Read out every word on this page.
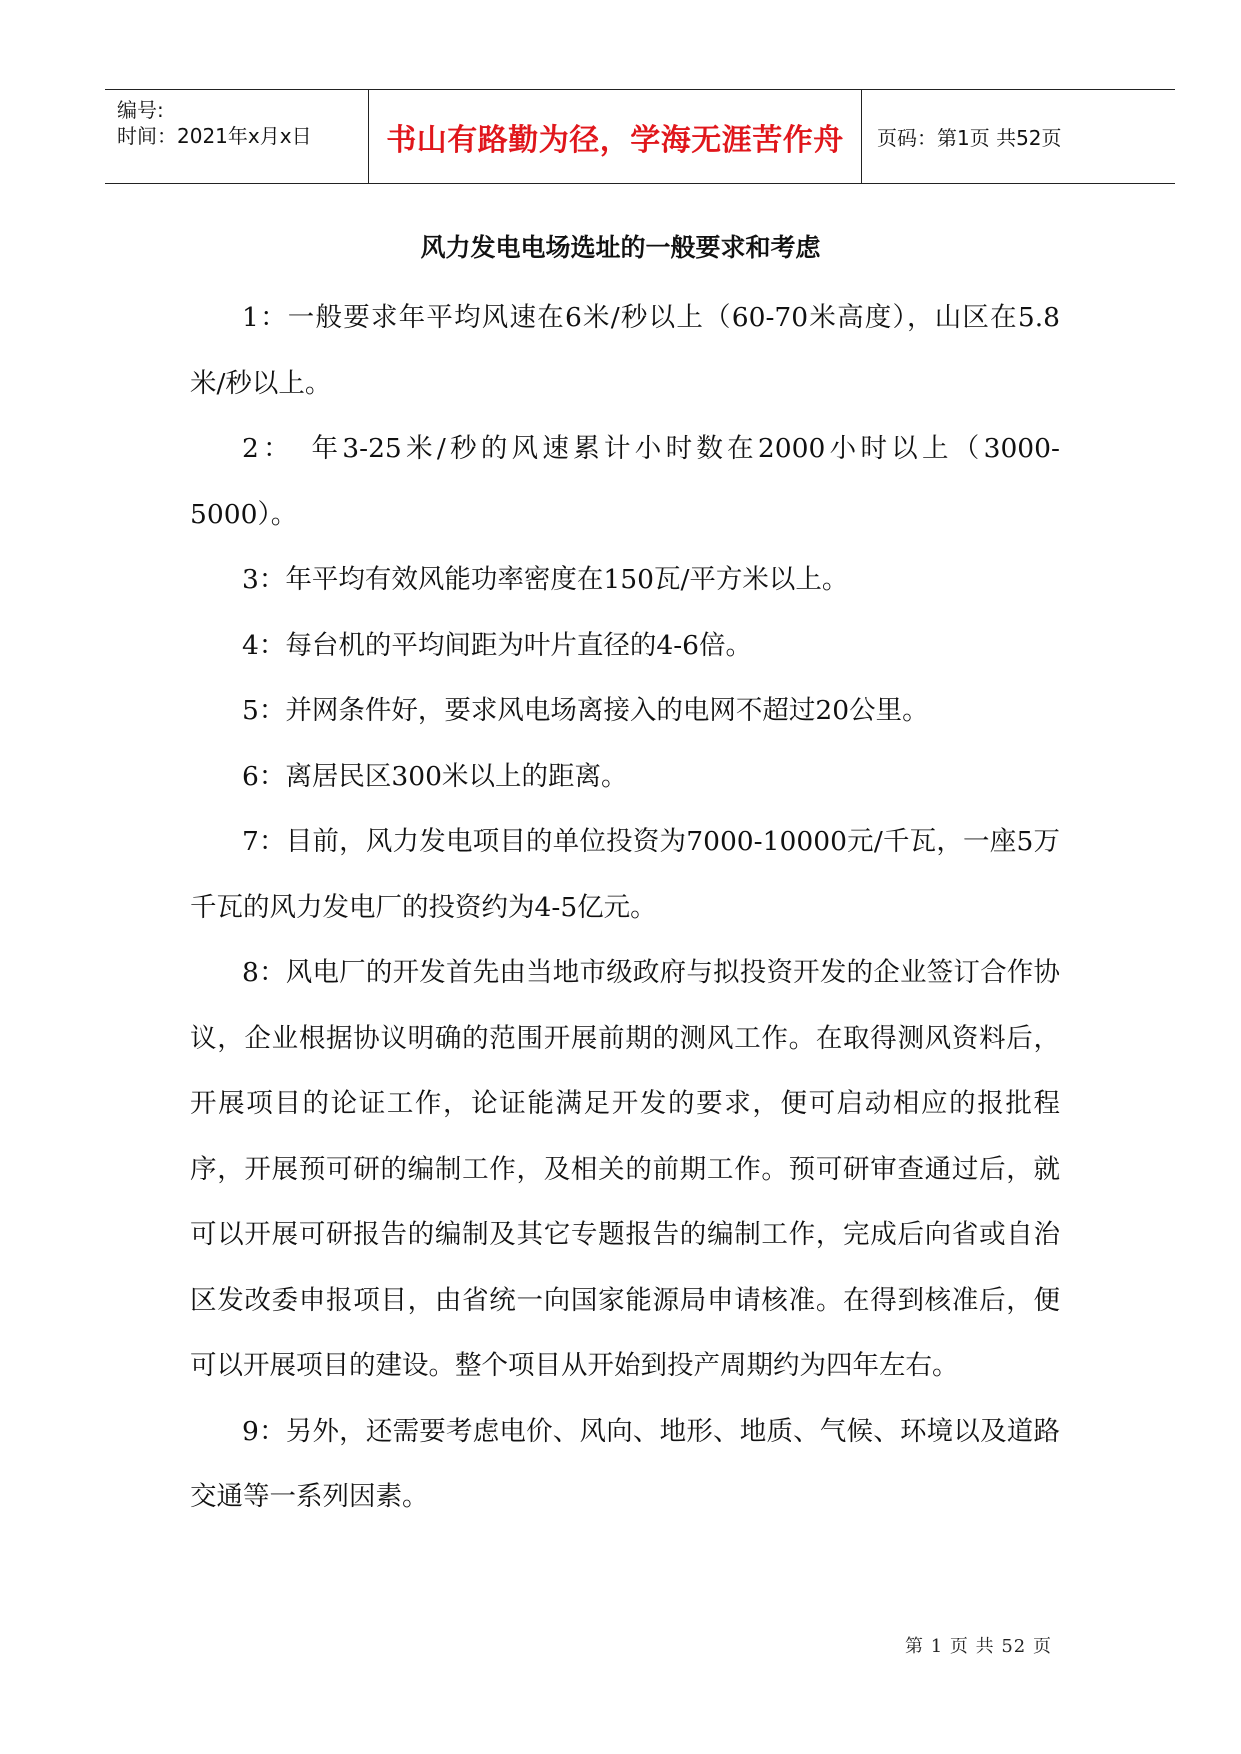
编号:
时间：2021年x月x日 书山有路勤为径，学海无涯苦作舟 页码：第1页 共52页
风力发电电场选址的一般要求和考虑

1：一般要求年平均风速在6米/秒以上（60-70米高度），山区在5.8米/秒以上。

2：　年3-25米/秒的风速累计小时数在2000小时以上（3000-5000）。

3：年平均有效风能功率密度在150瓦/平方米以上。

4：每台机的平均间距为叶片直径的4-6倍。

5：并网条件好，要求风电场离接入的电网不超过20公里。

6：离居民区300米以上的距离。

7：目前，风力发电项目的单位投资为7000-10000元/千瓦，一座5万千瓦的风力发电厂的投资约为4-5亿元。

8：风电厂的开发首先由当地市级政府与拟投资开发的企业签订合作协议，企业根据协议明确的范围开展前期的测风工作。在取得测风资料后，开展项目的论证工作，论证能满足开发的要求，便可启动相应的报批程序，开展预可研的编制工作，及相关的前期工作。预可研审查通过后，就可以开展可研报告的编制及其它专题报告的编制工作，完成后向省或自治区发改委申报项目，由省统一向国家能源局申请核准。在得到核准后，便可以开展项目的建设。整个项目从开始到投产周期约为四年左右。

9：另外，还需要考虑电价、风向、地形、地质、气候、环境以及道路交通等一系列因素。

第 1 页 共 52 页
